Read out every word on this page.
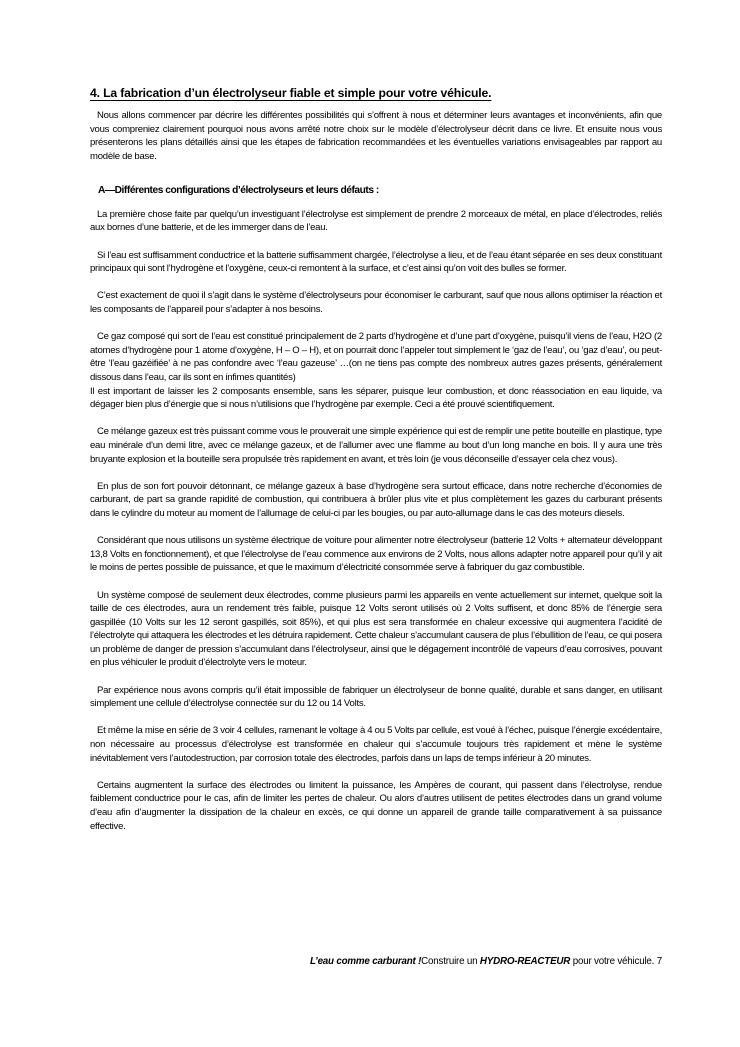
4. La fabrication d’un électrolyseur fiable et simple pour votre véhicule.

Nous allons commencer par décrire les différentes possibilités qui s’offrent à nous et déterminer leurs avantages et inconvénients, afin que vous compreniez clairement pourquoi nous avons arrêté notre choix sur le modèle d’électrolyseur décrit dans ce livre. Et ensuite nous vous présenterons les plans détaillés ainsi que les étapes de fabrication recommandées et les éventuelles variations envisageables par rapport au modèle de base.

A—Différentes configurations d’électrolyseurs et leurs défauts :

La première chose faite par quelqu’un investiguant l’électrolyse est simplement de prendre 2 morceaux de métal, en place d’électrodes, reliés aux bornes d’une batterie, et de les immerger dans de l’eau.

Si l’eau est suffisamment conductrice et la batterie suffisamment chargée, l’électrolyse a lieu, et de l’eau étant séparée en ses deux constituant principaux qui sont l’hydrogène et l’oxygène, ceux-ci remontent à la surface, et c’est ainsi qu’on voit des bulles se former.

C’est exactement de quoi il s’agit dans le système d’électrolyseurs pour économiser le carburant, sauf que nous allons optimiser la réaction et les composants de l’appareil pour s’adapter à nos besoins.

Ce gaz composé qui sort de l’eau est constitué principalement de 2 parts d’hydrogène et d’une part d’oxygène, puisqu’il viens de l’eau, H2O (2 atomes d’hydrogène pour 1 atome d’oxygène, H – O – H), et on pourrait donc l’appeler tout simplement le ‘gaz de l’eau’, ou ‘gaz d’eau’, ou peut-être ‘l’eau gazéifiée’ à ne pas confondre avec ‘l’eau gazeuse’ …(on ne tiens pas compte des nombreux autres gazes présents, généralement dissous dans l’eau, car ils sont en infimes quantités)

Il est important de laisser les 2 composants ensemble, sans les séparer, puisque leur combustion, et donc réassociation en eau liquide, va dégager bien plus d’énergie que si nous n’utilisions que l’hydrogène par exemple. Ceci a été prouvé scientifiquement.

Ce mélange gazeux est très puissant comme vous le prouverait une simple expérience qui est de remplir une petite bouteille en plastique, type eau minérale d’un demi litre, avec ce mélange gazeux, et de l’allumer avec une flamme au bout d’un long manche en bois. Il y aura une très bruyante explosion et la bouteille sera propulsée très rapidement en avant, et très loin (je vous déconseille d’essayer cela chez vous).

En plus de son fort pouvoir détonnant, ce mélange gazeux à base d’hydrogène sera surtout efficace, dans notre recherche d’économies de carburant, de part sa grande rapidité de combustion, qui contribuera à brûler plus vite et plus complètement les gazes du carburant présents dans le cylindre du moteur au moment de l’allumage de celui-ci par les bougies, ou par auto-allumage dans le cas des moteurs diesels.

Considérant que nous utilisons un système électrique de voiture pour alimenter notre électrolyseur (batterie 12 Volts + alternateur développant 13,8 Volts en fonctionnement), et que l’électrolyse de l’eau commence aux environs de 2 Volts, nous allons adapter notre appareil pour qu’il y ait le moins de pertes possible de puissance, et que le maximum d’électricité consommée serve à fabriquer du gaz combustible.

Un système composé de seulement deux électrodes, comme plusieurs parmi les appareils en vente actuellement sur internet, quelque soit la taille de ces électrodes, aura un rendement très faible, puisque 12 Volts seront utilisés où 2 Volts suffisent, et donc 85% de l’énergie sera gaspillée (10 Volts sur les 12 seront gaspillés, soit 85%), et qui plus est sera transformée en chaleur excessive qui augmentera l’acidité de l’électrolyte qui attaquera les électrodes et les détruira rapidement. Cette chaleur s’accumulant causera de plus l’ébullition de l’eau, ce qui posera un problème de danger de pression s’accumulant dans l’électrolyseur, ainsi que le dégagement incontrôlé de vapeurs d’eau corrosives, pouvant en plus véhiculer le produit d’électrolyte vers le moteur.

Par expérience nous avons compris qu’il était impossible de fabriquer un électrolyseur de bonne qualité, durable et sans danger, en utilisant simplement une cellule d’électrolyse connectée sur du 12 ou 14 Volts.

Et même la mise en série de 3 voir 4 cellules, ramenant le voltage à 4 ou 5 Volts par cellule, est voué à l’échec, puisque l’énergie excédentaire, non nécessaire au processus d’électrolyse est transformée en chaleur qui s’accumule toujours très rapidement et mène le système inévitablement vers l’autodestruction, par corrosion totale des électrodes, parfois dans un laps de temps inférieur à 20 minutes.

Certains augmentent la surface des électrodes ou limitent la puissance, les Ampères de courant, qui passent dans l’électrolyse, rendue faiblement conductrice pour le cas, afin de limiter les pertes de chaleur. Ou alors d’autres utilisent de petites électrodes dans un grand volume d’eau afin d’augmenter la dissipation de la chaleur en excès, ce qui donne un appareil de grande taille comparativement à sa puissance effective.

L’eau comme carburant !Construire un HYDRO-REACTEUR pour votre véhicule. 7
